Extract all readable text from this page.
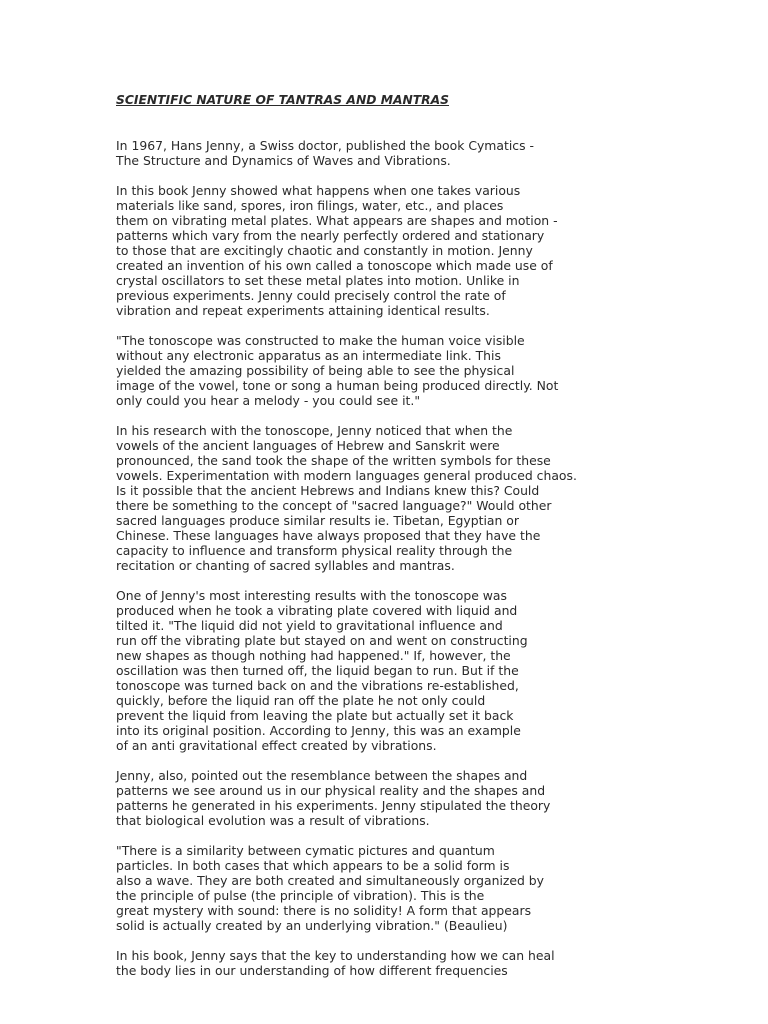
SCIENTIFIC NATURE OF TANTRAS AND MANTRAS
In 1967, Hans Jenny, a Swiss doctor, published the book Cymatics -
The Structure and Dynamics of Waves and Vibrations.
In this book Jenny showed what happens when one takes various
materials like sand, spores, iron filings, water, etc., and places
them on vibrating metal plates. What appears are shapes and motion -
patterns which vary from the nearly perfectly ordered and stationary
to those that are excitingly chaotic and constantly in motion. Jenny
created an invention of his own called a tonoscope which made use of
crystal oscillators to set these metal plates into motion. Unlike in
previous experiments. Jenny could precisely control the rate of
vibration and repeat experiments attaining identical results.
"The tonoscope was constructed to make the human voice visible
without any electronic apparatus as an intermediate link. This
yielded the amazing possibility of being able to see the physical
image of the vowel, tone or song a human being produced directly. Not
only could you hear a melody - you could see it."
In his research with the tonoscope, Jenny noticed that when the
vowels of the ancient languages of Hebrew and Sanskrit were
pronounced, the sand took the shape of the written symbols for these
vowels. Experimentation with modern languages general produced chaos.
Is it possible that the ancient Hebrews and Indians knew this? Could
there be something to the concept of "sacred language?" Would other
sacred languages produce similar results ie. Tibetan, Egyptian or
Chinese. These languages have always proposed that they have the
capacity to influence and transform physical reality through the
recitation or chanting of sacred syllables and mantras.
One of Jenny's most interesting results with the tonoscope was
produced when he took a vibrating plate covered with liquid and
tilted it. "The liquid did not yield to gravitational influence and
run off the vibrating plate but stayed on and went on constructing
new shapes as though nothing had happened." If, however, the
oscillation was then turned off, the liquid began to run. But if the
tonoscope was turned back on and the vibrations re-established,
quickly, before the liquid ran off the plate he not only could
prevent the liquid from leaving the plate but actually set it back
into its original position. According to Jenny, this was an example
of an anti gravitational effect created by vibrations.
Jenny, also, pointed out the resemblance between the shapes and
patterns we see around us in our physical reality and the shapes and
patterns he generated in his experiments. Jenny stipulated the theory
that biological evolution was a result of vibrations.
"There is a similarity between cymatic pictures and quantum
particles. In both cases that which appears to be a solid form is
also a wave. They are both created and simultaneously organized by
the principle of pulse (the principle of vibration). This is the
great mystery with sound: there is no solidity! A form that appears
solid is actually created by an underlying vibration." (Beaulieu)
In his book, Jenny says that the key to understanding how we can heal
the body lies in our understanding of how different frequencies
